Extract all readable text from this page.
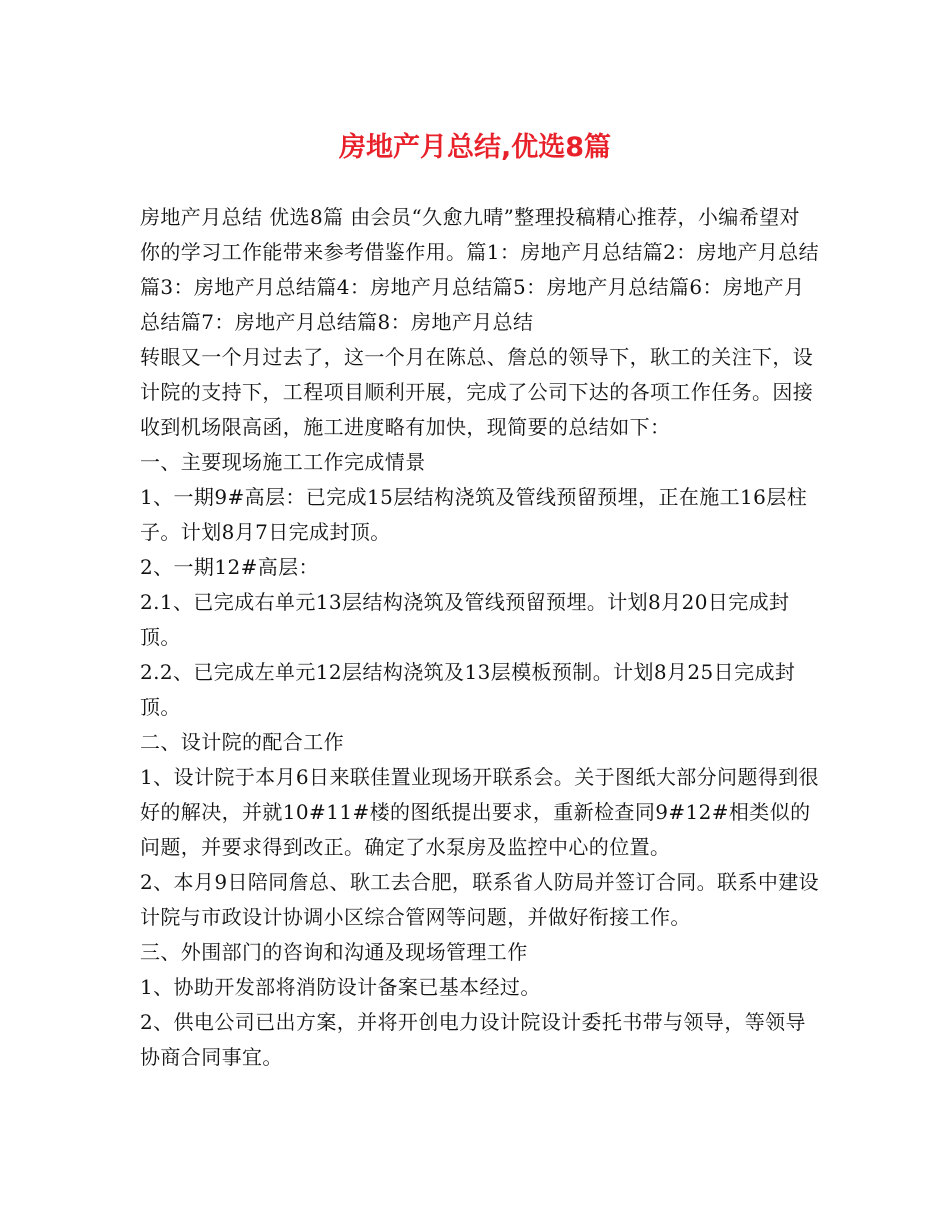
房地产月总结,优选8篇

房地产月总结 优选8篇 由会员“久愈九晴”整理投稿精心推荐，小编希望对你的学习工作能带来参考借鉴作用。篇1：房地产月总结篇2：房地产月总结篇3：房地产月总结篇4：房地产月总结篇5：房地产月总结篇6：房地产月总结篇7：房地产月总结篇8：房地产月总结

转眼又一个月过去了，这一个月在陈总、詹总的领导下，耿工的关注下，设计院的支持下，工程项目顺利开展，完成了公司下达的各项工作任务。因接收到机场限高函，施工进度略有加快，现简要的总结如下：

一、主要现场施工工作完成情景

1、一期9#高层：已完成15层结构浇筑及管线预留预埋，正在施工16层柱子。计划8月7日完成封顶。

2、一期12#高层：

2.1、已完成右单元13层结构浇筑及管线预留预埋。计划8月20日完成封顶。

2.2、已完成左单元12层结构浇筑及13层模板预制。计划8月25日完成封顶。

二、设计院的配合工作

1、设计院于本月6日来联佳置业现场开联系会。关于图纸大部分问题得到很好的解决，并就10#11#楼的图纸提出要求，重新检查同9#12#相类似的问题，并要求得到改正。确定了水泵房及监控中心的位置。

2、本月9日陪同詹总、耿工去合肥，联系省人防局并签订合同。联系中建设计院与市政设计协调小区综合管网等问题，并做好衔接工作。

三、外围部门的咨询和沟通及现场管理工作

1、协助开发部将消防设计备案已基本经过。

2、供电公司已出方案，并将开创电力设计院设计委托书带与领导，等领导协商合同事宜。
